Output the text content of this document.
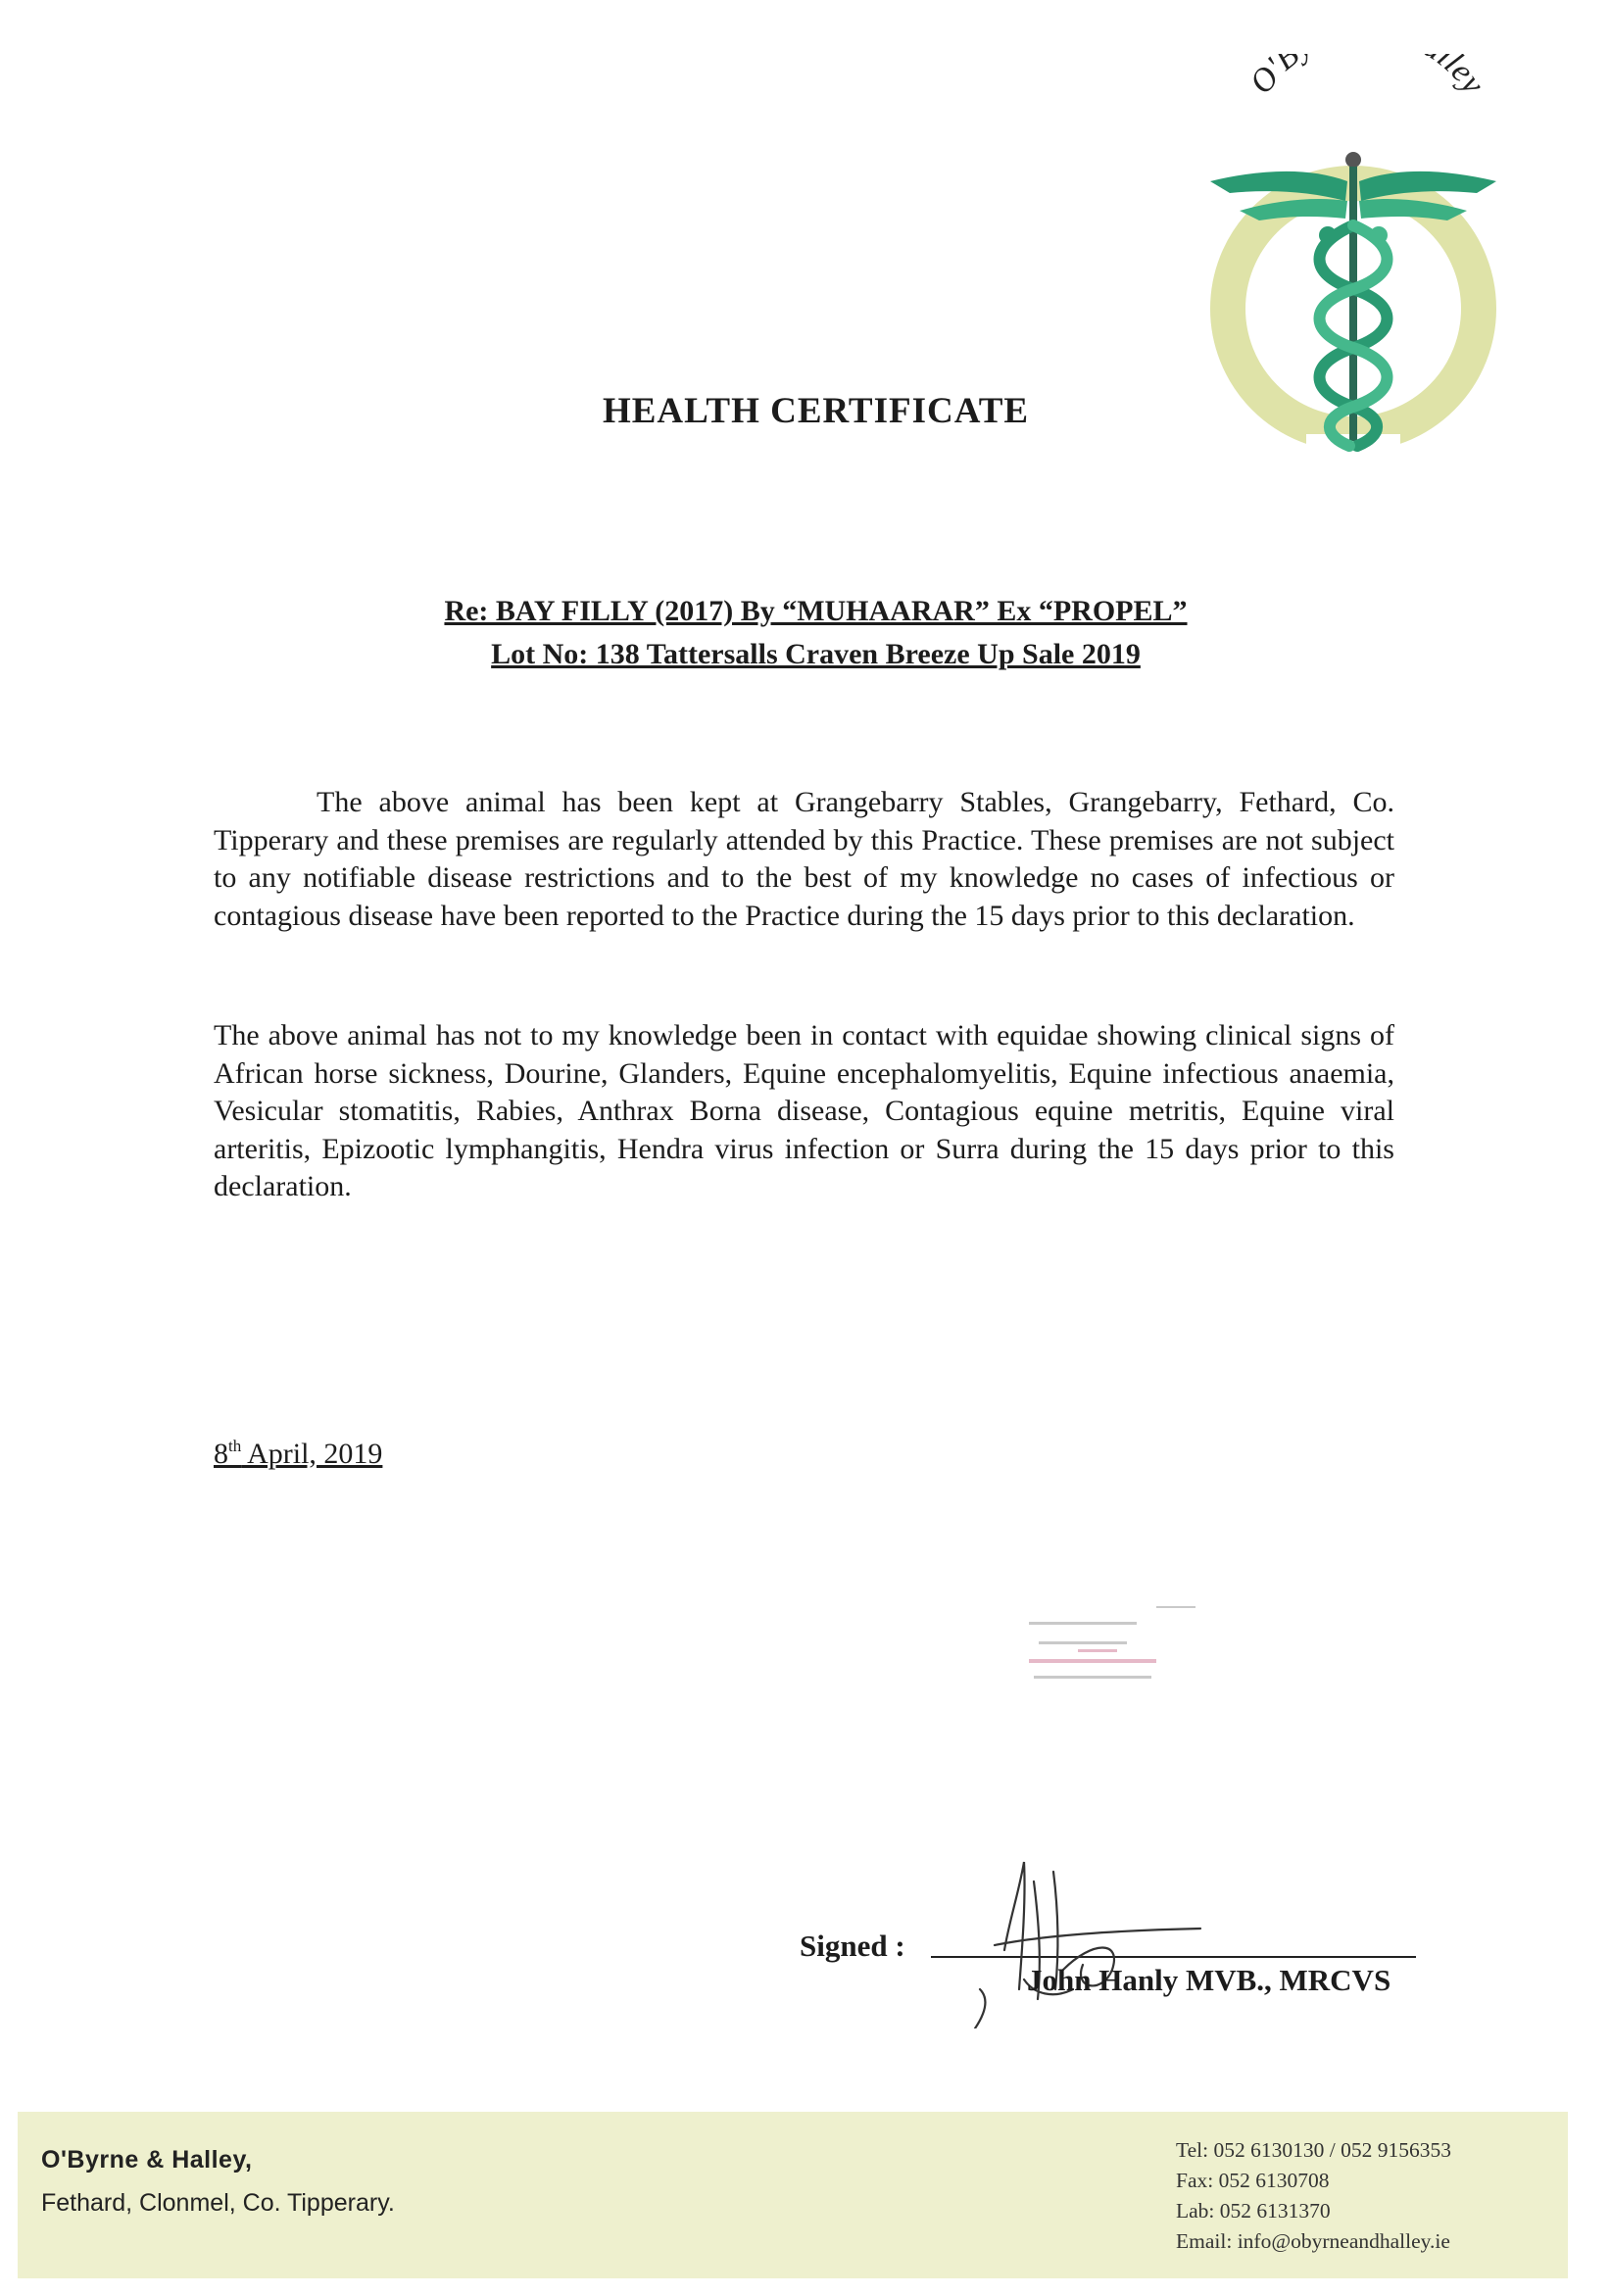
O'B lley
HEALTH CERTIFICATE
Re: BAY FILLY (2017) By “MUHAARAR” Ex “PROPEL”
Lot No: 138 Tattersalls Craven Breeze Up Sale 2019

The above animal has been kept at Grangebarry Stables, Grangebarry, Fethard, Co. Tipperary and these premises are regularly attended by this Practice. These premises are not subject to any notifiable disease restrictions and to the best of my knowledge no cases of infectious or contagious disease have been reported to the Practice during the 15 days prior to this declaration.

The above animal has not to my knowledge been in contact with equidae showing clinical signs of African horse sickness, Dourine, Glanders, Equine encephalomyelitis, Equine infectious anaemia, Vesicular stomatitis, Rabies, Anthrax Borna disease, Contagious equine metritis, Equine viral arteritis, Epizootic lymphangitis, Hendra virus infection or Surra during the 15 days prior to this declaration.

8th April, 2019
Signed :
John Hanly MVB., MRCVS
O'Byrne & Halley,
Fethard, Clonmel, Co. Tipperary.
Tel: 052 6130130 / 052 9156353
Fax: 052 6130708
Lab: 052 6131370
Email: info@obyrneandhalley.ie
